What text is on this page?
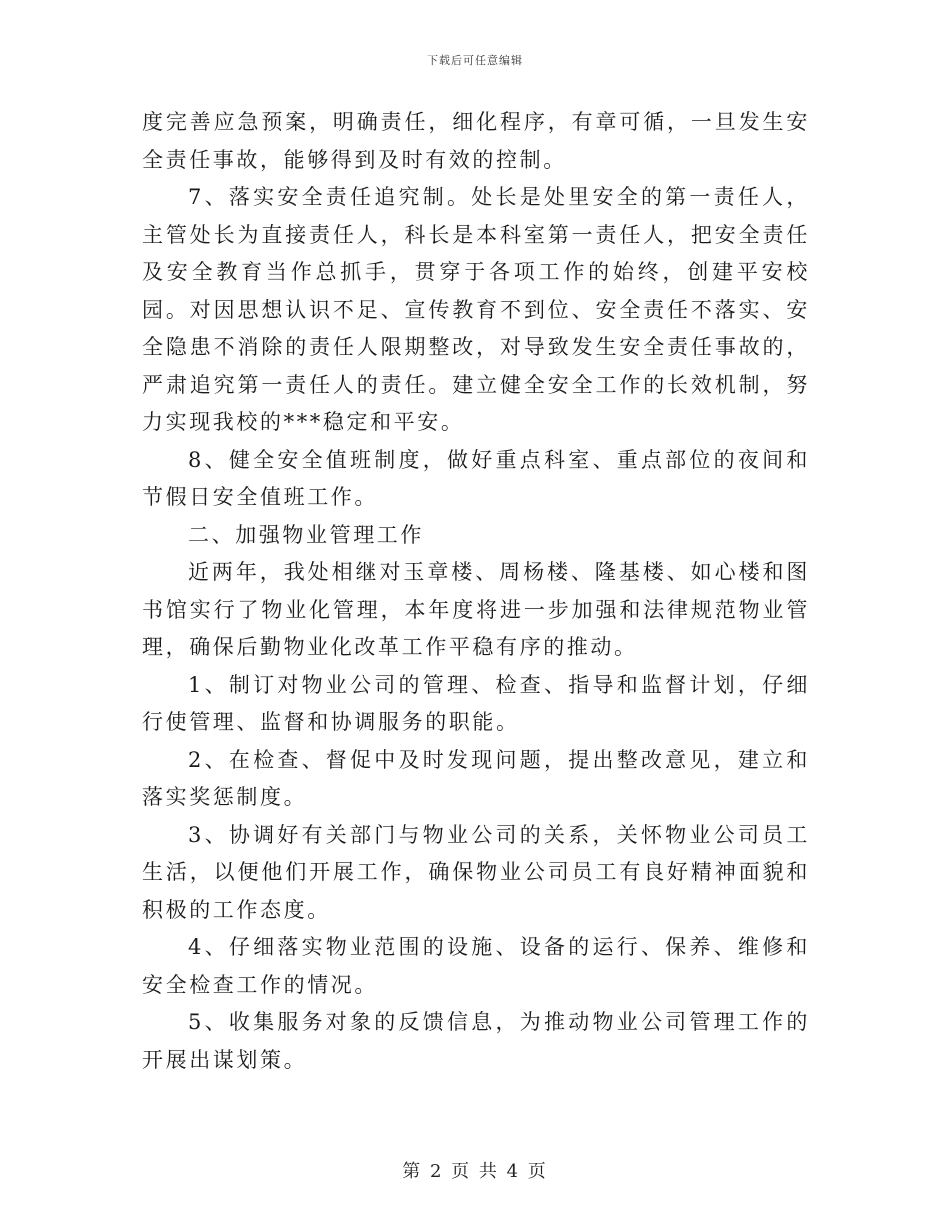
下载后可任意编辑

度完善应急预案，明确责任，细化程序，有章可循，一旦发生安全责任事故，能够得到及时有效的控制。

7、落实安全责任追究制。处长是处里安全的第一责任人，主管处长为直接责任人，科长是本科室第一责任人，把安全责任及安全教育当作总抓手，贯穿于各项工作的始终，创建平安校园。对因思想认识不足、宣传教育不到位、安全责任不落实、安全隐患不消除的责任人限期整改，对导致发生安全责任事故的，严肃追究第一责任人的责任。建立健全安全工作的长效机制，努力实现我校的***稳定和平安。

8、健全安全值班制度，做好重点科室、重点部位的夜间和节假日安全值班工作。

二、加强物业管理工作

近两年，我处相继对玉章楼、周杨楼、隆基楼、如心楼和图书馆实行了物业化管理，本年度将进一步加强和法律规范物业管理，确保后勤物业化改革工作平稳有序的推动。

1、制订对物业公司的管理、检查、指导和监督计划，仔细行使管理、监督和协调服务的职能。

2、在检查、督促中及时发现问题，提出整改意见，建立和落实奖惩制度。

3、协调好有关部门与物业公司的关系，关怀物业公司员工生活，以便他们开展工作，确保物业公司员工有良好精神面貌和积极的工作态度。

4、仔细落实物业范围的设施、设备的运行、保养、维修和安全检查工作的情况。

5、收集服务对象的反馈信息，为推动物业公司管理工作的开展出谋划策。

第 2 页 共 4 页
